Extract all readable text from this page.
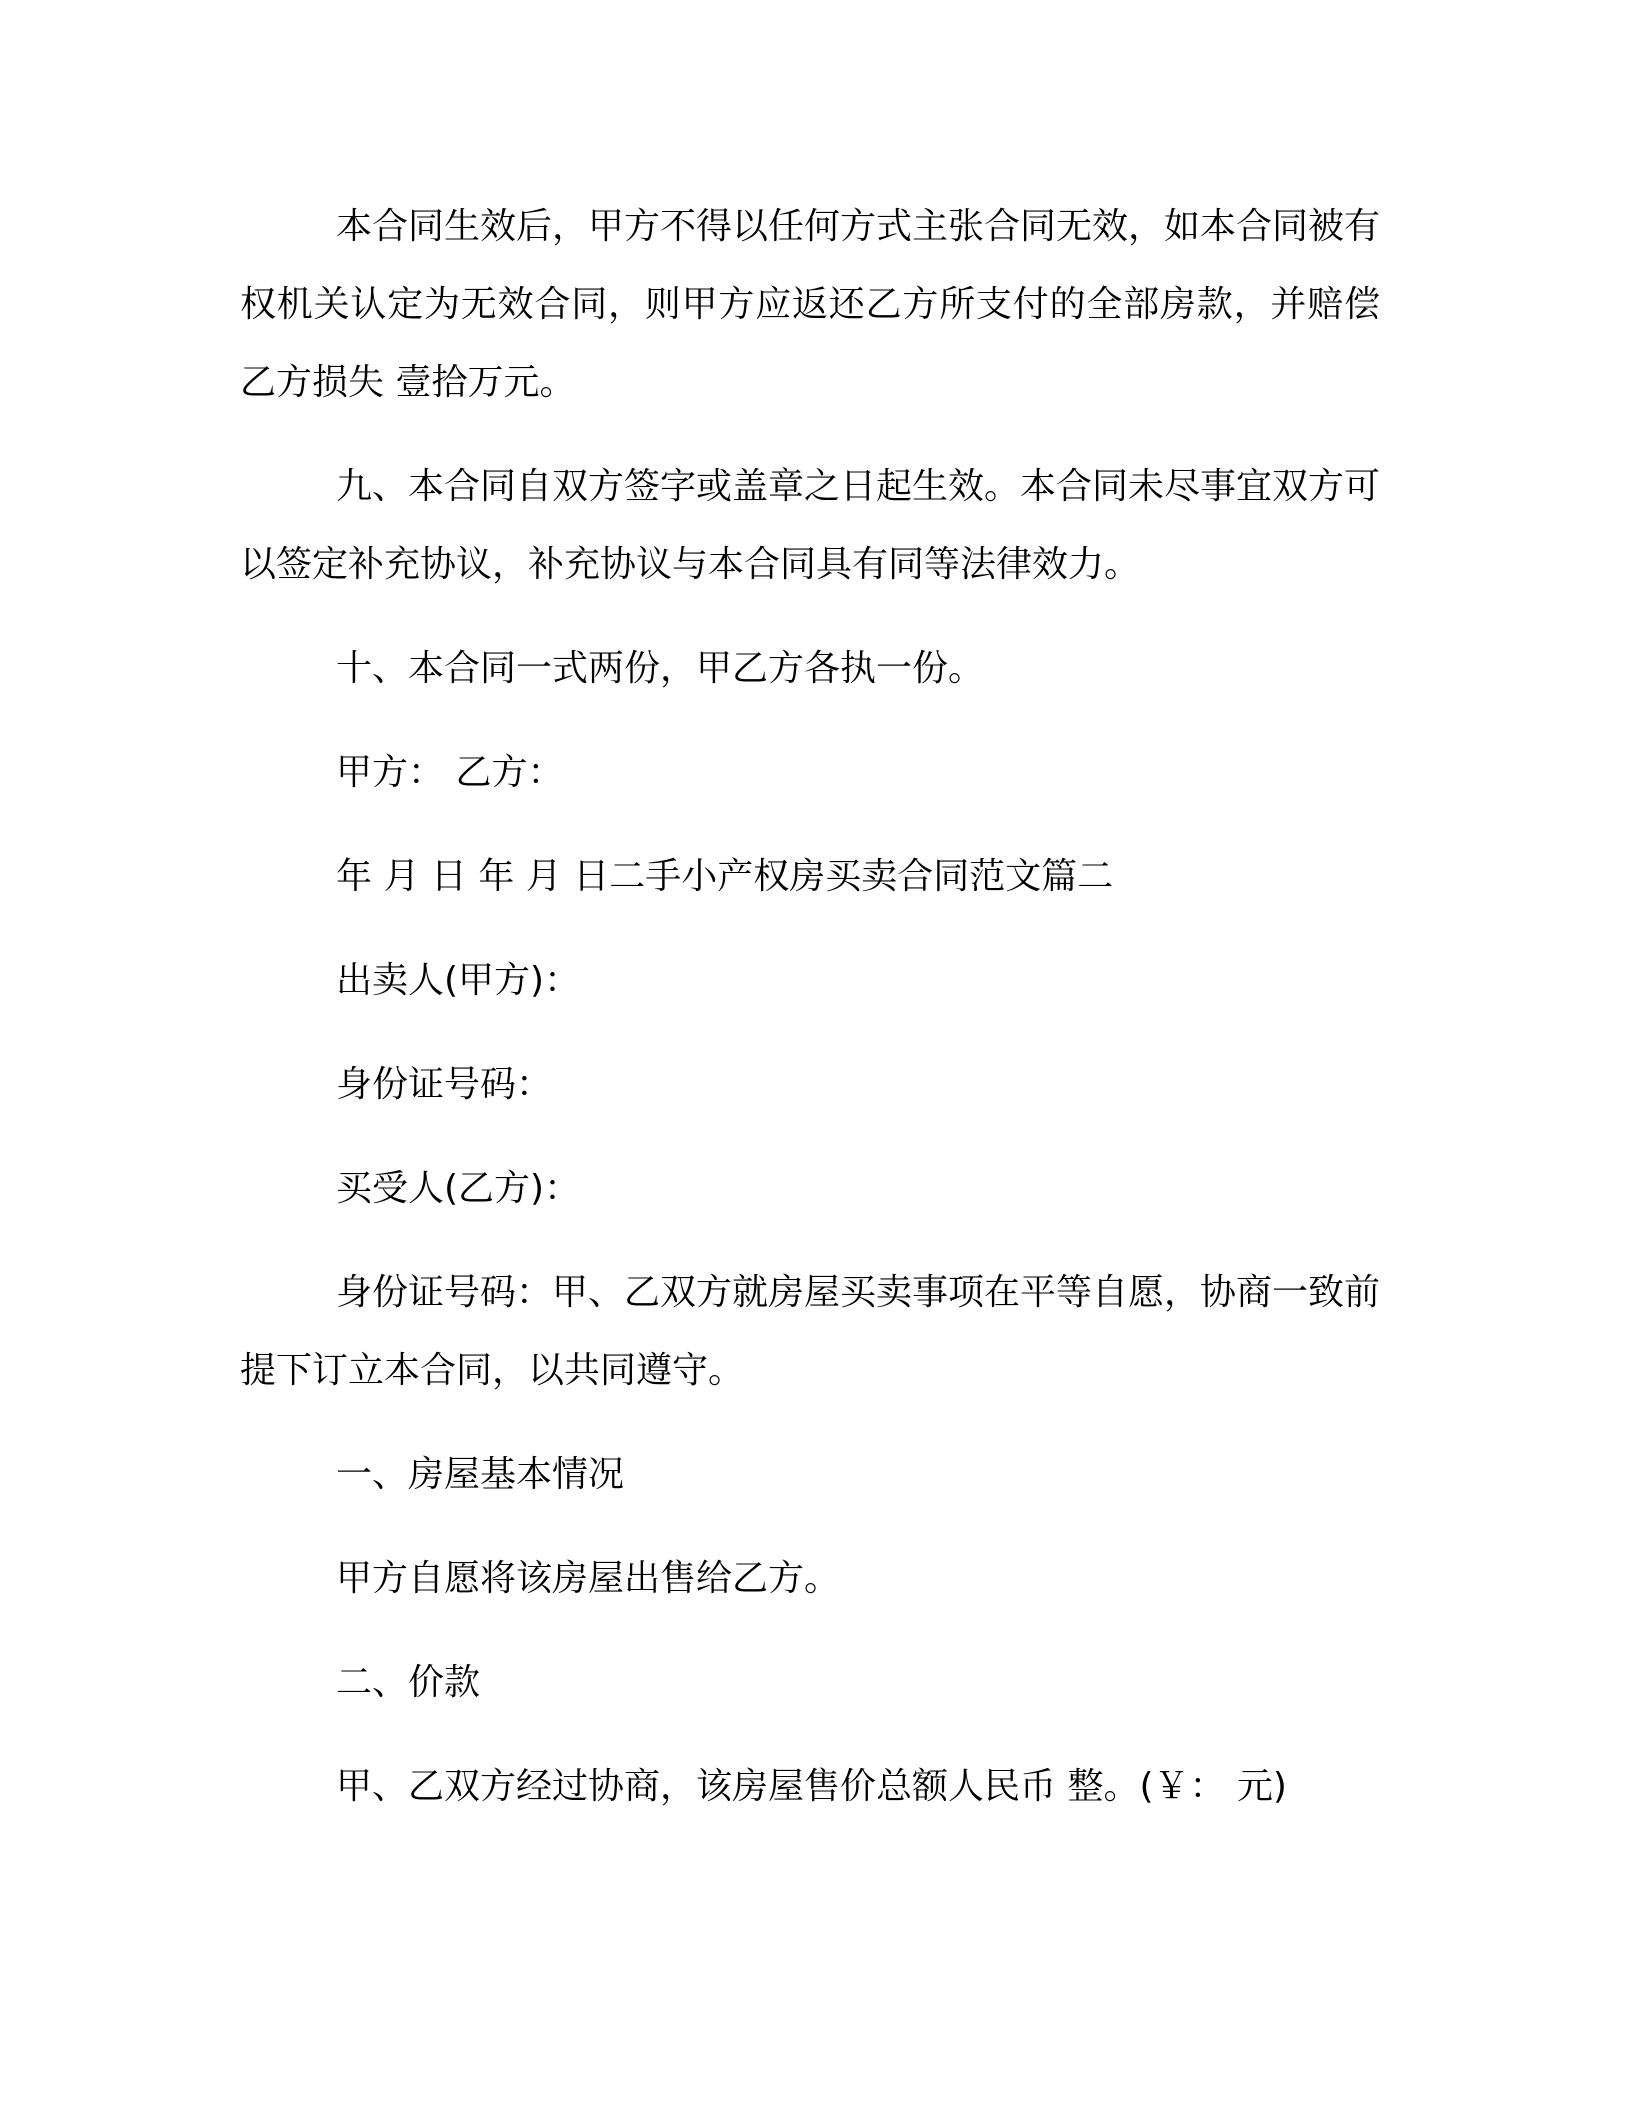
本合同生效后，甲方不得以任何方式主张合同无效，如本合同被有权机关认定为无效合同，则甲方应返还乙方所支付的全部房款，并赔偿乙方损失 壹拾万元。

九、本合同自双方签字或盖章之日起生效。本合同未尽事宜双方可以签定补充协议，补充协议与本合同具有同等法律效力。

十、本合同一式两份，甲乙方各执一份。

甲方： 乙方：

年 月 日 年 月 日二手小产权房买卖合同范文篇二

出卖人(甲方)：

身份证号码：

买受人(乙方)：

身份证号码：甲、乙双方就房屋买卖事项在平等自愿，协商一致前提下订立本合同，以共同遵守。

一、房屋基本情况

甲方自愿将该房屋出售给乙方。

二、价款

甲、乙双方经过协商，该房屋售价总额人民币 整。(￥： 元)
